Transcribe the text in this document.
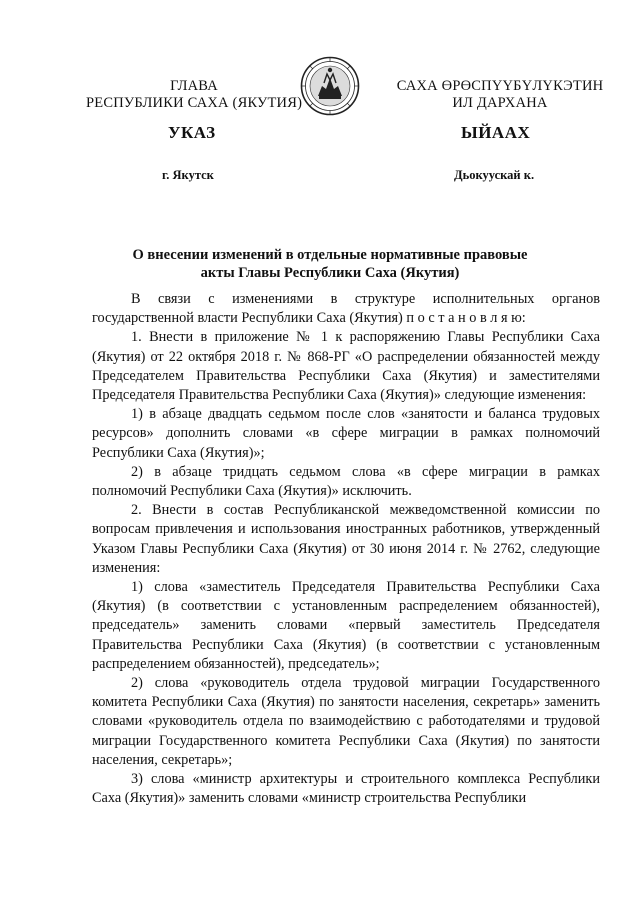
ГЛАВА
РЕСПУБЛИКИ САХА (ЯКУТИЯ)
САХА ӨРӨСПҮҮБҮЛҮКЭТИН
ИЛ ДАРХАНА
УКАЗ	ЫЙААХ
г. Якутск	Дьокуускай к.
О внесении изменений в отдельные нормативные правовые
акты Главы Республики Саха (Якутия)

В связи с изменениями в структуре исполнительных органов государственной власти Республики Саха (Якутия) п о с т а н о в л я ю:

1. Внести в приложение № 1 к распоряжению Главы Республики Саха (Якутия) от 22 октября 2018 г. № 868-РГ «О распределении обязанностей между Председателем Правительства Республики Саха (Якутия) и заместителями Председателя Правительства Республики Саха (Якутия)» следующие изменения:

1) в абзаце двадцать седьмом после слов «занятости и баланса трудовых ресурсов» дополнить словами «в сфере миграции в рамках полномочий Республики Саха (Якутия)»;

2) в абзаце тридцать седьмом слова «в сфере миграции в рамках полномочий Республики Саха (Якутия)» исключить.

2. Внести в состав Республиканской межведомственной комиссии по вопросам привлечения и использования иностранных работников, утвержденный Указом Главы Республики Саха (Якутия) от 30 июня 2014 г. № 2762, следующие изменения:

1) слова «заместитель Председателя Правительства Республики Саха (Якутия) (в соответствии с установленным распределением обязанностей), председатель» заменить словами «первый заместитель Председателя Правительства Республики Саха (Якутия) (в соответствии с установленным распределением обязанностей), председатель»;

2) слова «руководитель отдела трудовой миграции Государственного комитета Республики Саха (Якутия) по занятости населения, секретарь» заменить словами «руководитель отдела по взаимодействию с работодателями и трудовой миграции Государственного комитета Республики Саха (Якутия) по занятости населения, секретарь»;

3) слова «министр архитектуры и строительного комплекса Республики Саха (Якутия)» заменить словами «министр строительства Республики
